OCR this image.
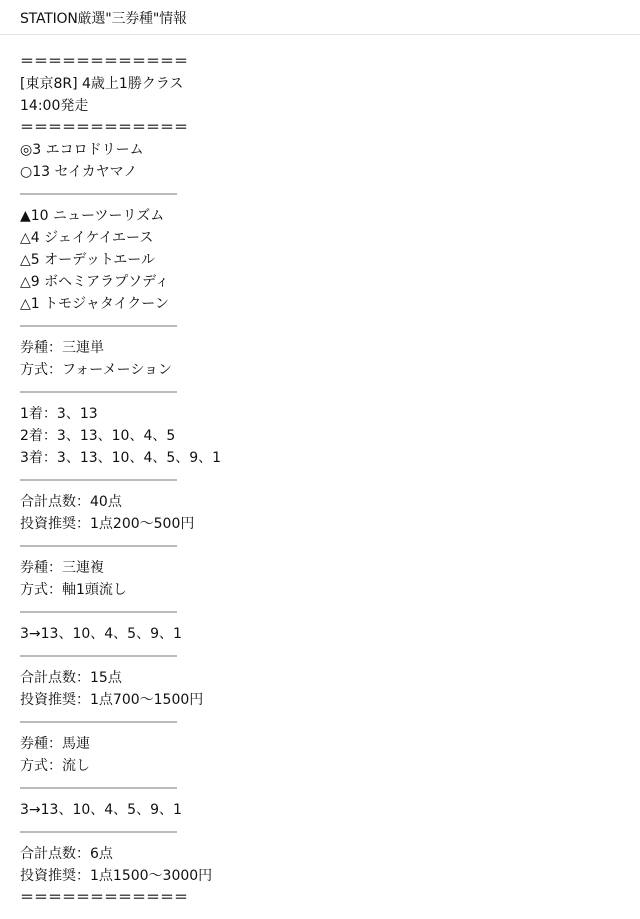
STATION厳選"三券種"情報
＝＝＝＝＝＝＝＝＝＝＝＝
[東京8R] 4歳上1勝クラス
14:00発走
＝＝＝＝＝＝＝＝＝＝＝＝
◎3 エコロドリーム
○13 セイカヤマノ
――――――――――――
▲10 ニューツーリズム
△4 ジェイケイエース
△5 オーデットエール
△9 ボヘミアラプソディ
△1 トモジャタイクーン
――――――――――――
券種：三連単
方式：フォーメーション
――――――――――――
1着：3、13
2着：3、13、10、4、5
3着：3、13、10、4、5、9、1
――――――――――――
合計点数：40点
投資推奨：1点200〜500円
――――――――――――
券種：三連複
方式：軸1頭流し
――――――――――――
3→13、10、4、5、9、1
――――――――――――
合計点数：15点
投資推奨：1点700〜1500円
――――――――――――
券種：馬連
方式：流し
――――――――――――
3→13、10、4、5、9、1
――――――――――――
合計点数：6点
投資推奨：1点1500〜3000円
＝＝＝＝＝＝＝＝＝＝＝＝
